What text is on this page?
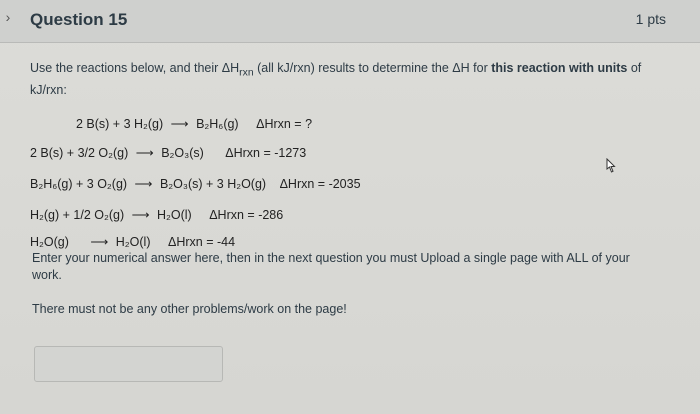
›	Question 15	1 pts
Use the reactions below, and their $\Delta H_{rxn}$ (all kJ/rxn) results to determine the ΔH for this reaction with units of kJ/rxn:
2 B(s) + 3 H₂(g) ⟶ B₂H₆(g) ΔHrxn = ?
2 B(s) + 3/2 O₂(g) ⟶ B₂O₃(s) ΔHrxn = -1273
B₂H₆(g) + 3 O₂(g) ⟶ B₂O₃(s) + 3 H₂O(g) ΔHrxn = -2035
H₂(g) + 1/2 O₂(g) ⟶ H₂O(l) ΔHrxn = -286
H₂O(g) ⟶ H₂O(l) ΔHrxn = -44
Enter your numerical answer here, then in the next question you must Upload a single page with ALL of your work.
There must not be any other problems/work on the page!
